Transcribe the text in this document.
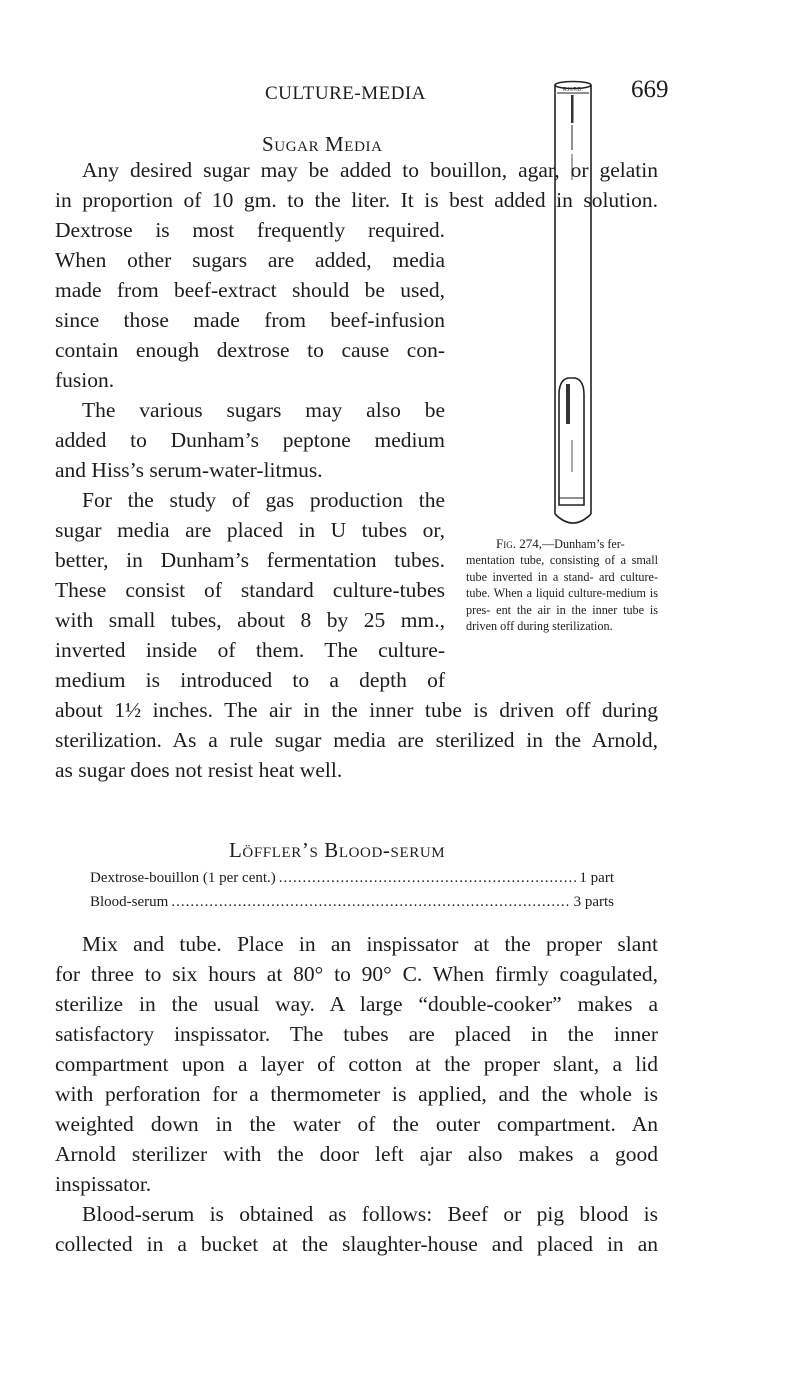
CULTURE-MEDIA	669
Sugar Media
Any desired sugar may be added to bouillon, agar, or gelatin
in proportion of 10 gm. to the liter. It is best added in solution.
Dextrose is most frequently required.
When other sugars are added, media
made from beef-extract should be used,
since those made from beef-infusion
contain enough dextrose to cause con-
fusion.
The various sugars may also be
added to Dunham’s peptone medium
and Hiss’s serum-water-litmus.
For the study of gas production the
sugar media are placed in U tubes or,
better, in Dunham’s fermentation tubes.
These consist of standard culture-tubes
with small tubes, about 8 by 25 mm.,
inverted inside of them. The culture-
medium is introduced to a depth of
about 1½ inches. The air in the inner tube is driven off during
sterilization. As a rule sugar media are sterilized in the Arnold,
as sugar does not resist heat well.
R.H.T.D.
Fig. 274,—Dunham’s fer-
mentation tube, consisting of a small tube inverted in a stand- ard culture-tube. When a liquid culture-medium is pres- ent the air in the inner tube is driven off during sterilization.
Löffler’s Blood-serum
Dextrose-bouillon (1 per cent.) .....	1 part
Blood-serum .....	3 parts
Mix and tube. Place in an inspissator at the proper slant
for three to six hours at 80° to 90° C. When firmly coagulated,
sterilize in the usual way. A large “double-cooker” makes a
satisfactory inspissator. The tubes are placed in the inner
compartment upon a layer of cotton at the proper slant, a lid
with perforation for a thermometer is applied, and the whole is
weighted down in the water of the outer compartment. An
Arnold sterilizer with the door left ajar also makes a good
inspissator.
Blood-serum is obtained as follows: Beef or pig blood is
collected in a bucket at the slaughter-house and placed in an
